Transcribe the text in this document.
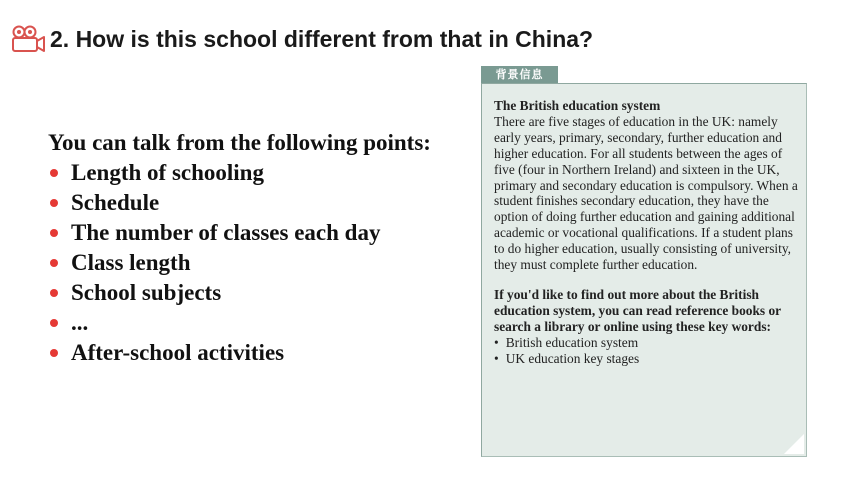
2. How is this school different from that in China?
You can talk from the following points:
Length of schooling
Schedule
The number of classes each day
Class length
School subjects
...
After-school activities
背景信息
The British education system
There are five stages of education in the UK: namely early years, primary, secondary, further education and higher education. For all students between the ages of five (four in Northern Ireland) and sixteen in the UK, primary and secondary education is compulsory. When a student finishes secondary education, they have the option of doing further education and gaining additional academic or vocational qualifications. If a student plans to do higher education, usually consisting of university, they must complete further education.
If you'd like to find out more about the British education system, you can read reference books or search a library or online using these key words:
• British education system
• UK education key stages
